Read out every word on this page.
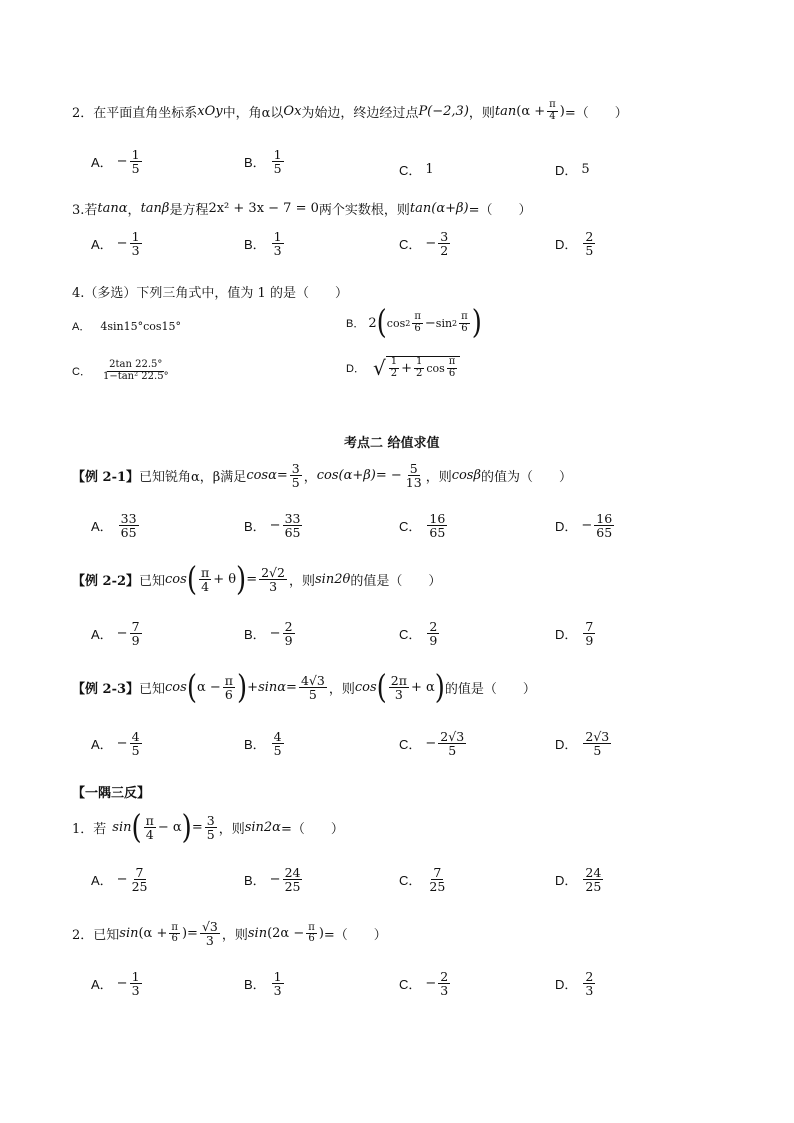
2． 在平面直角坐标系 xOy 中，角α以 Ox 为始边，终边经过点 P(−2,3) ，则 $\tan (\alpha + \frac{\pi}{4}$ ) =（　　）
A． − $\frac{1}{5}$	B． $\frac{1}{5}$	C． 1	D． 5
3.若 tanα ， tanβ 是方程 2x² + 3x − 7 = 0 两个实数根，则 tan(α+β) =（　　）
A． − $\frac{1}{3}$	B． $\frac{1}{3}$	C． − $\frac{3}{2}$	D． $\frac{2}{5}$
4.（多选）下列三角式中，值为 1 的是（　　）
A． 4sin15°cos15°	B． 2 ( $\cos 2 \frac{\pi}{6} - \sin 2 \frac{\pi}{6}$ )
C． $\frac{2\tan 22.5^\circ}{\text{1−tan² 22.5°}}$	D． √ $\frac{1}{2} + \frac{1}{2}$ $\cos \frac{\pi}{6}$
考点二 给值求值
【例 2-1】 已知锐角α，β满足 $\cos\alpha = \frac{3}{5}$ ， cos(α+β) = − $\frac{5}{13}$ ，则 cosβ 的值为（　　）
A． $\frac{33}{65}$	B． − $\frac{33}{65}$	C． $\frac{16}{65}$	D． − $\frac{16}{65}$
【例 2-2】 已知 cos ( $\frac{\pi}{4} + \theta$ ) = $\frac{2√2}{3}$ ，则 sin2θ 的值是（　　）
A． − $\frac{7}{9}$	B． − $\frac{2}{9}$	C． $\frac{2}{9}$	D． $\frac{7}{9}$
【例 2-3】 已知 cos ( $\alpha - \frac{\pi}{6}$ ) + $\sin\alpha = \frac{4√3}{5}$ ，则 cos ( $\frac{2\pi}{3} + \alpha$ ) 的值是（　　）
A． − $\frac{4}{5}$	B． $\frac{4}{5}$	C． − $\frac{2√3}{5}$	D． $\frac{2√3}{5}$
【一隅三反】
1．若 sin ( $\frac{\pi}{4} - \alpha$ ) = $\frac{3}{5}$ ，则 sin2α =（　　）
A． − $\frac{7}{25}$	B． − $\frac{24}{25}$	C． $\frac{7}{25}$	D． $\frac{24}{25}$
2．已知 $\sin (\alpha + \frac{\pi}{6}$ ) = $\frac{√3}{3}$ ，则 $\sin (2\alpha - \frac{\pi}{6}$ ) =（　　）
A． − $\frac{1}{3}$	B． $\frac{1}{3}$	C． − $\frac{2}{3}$	D． $\frac{2}{3}$
